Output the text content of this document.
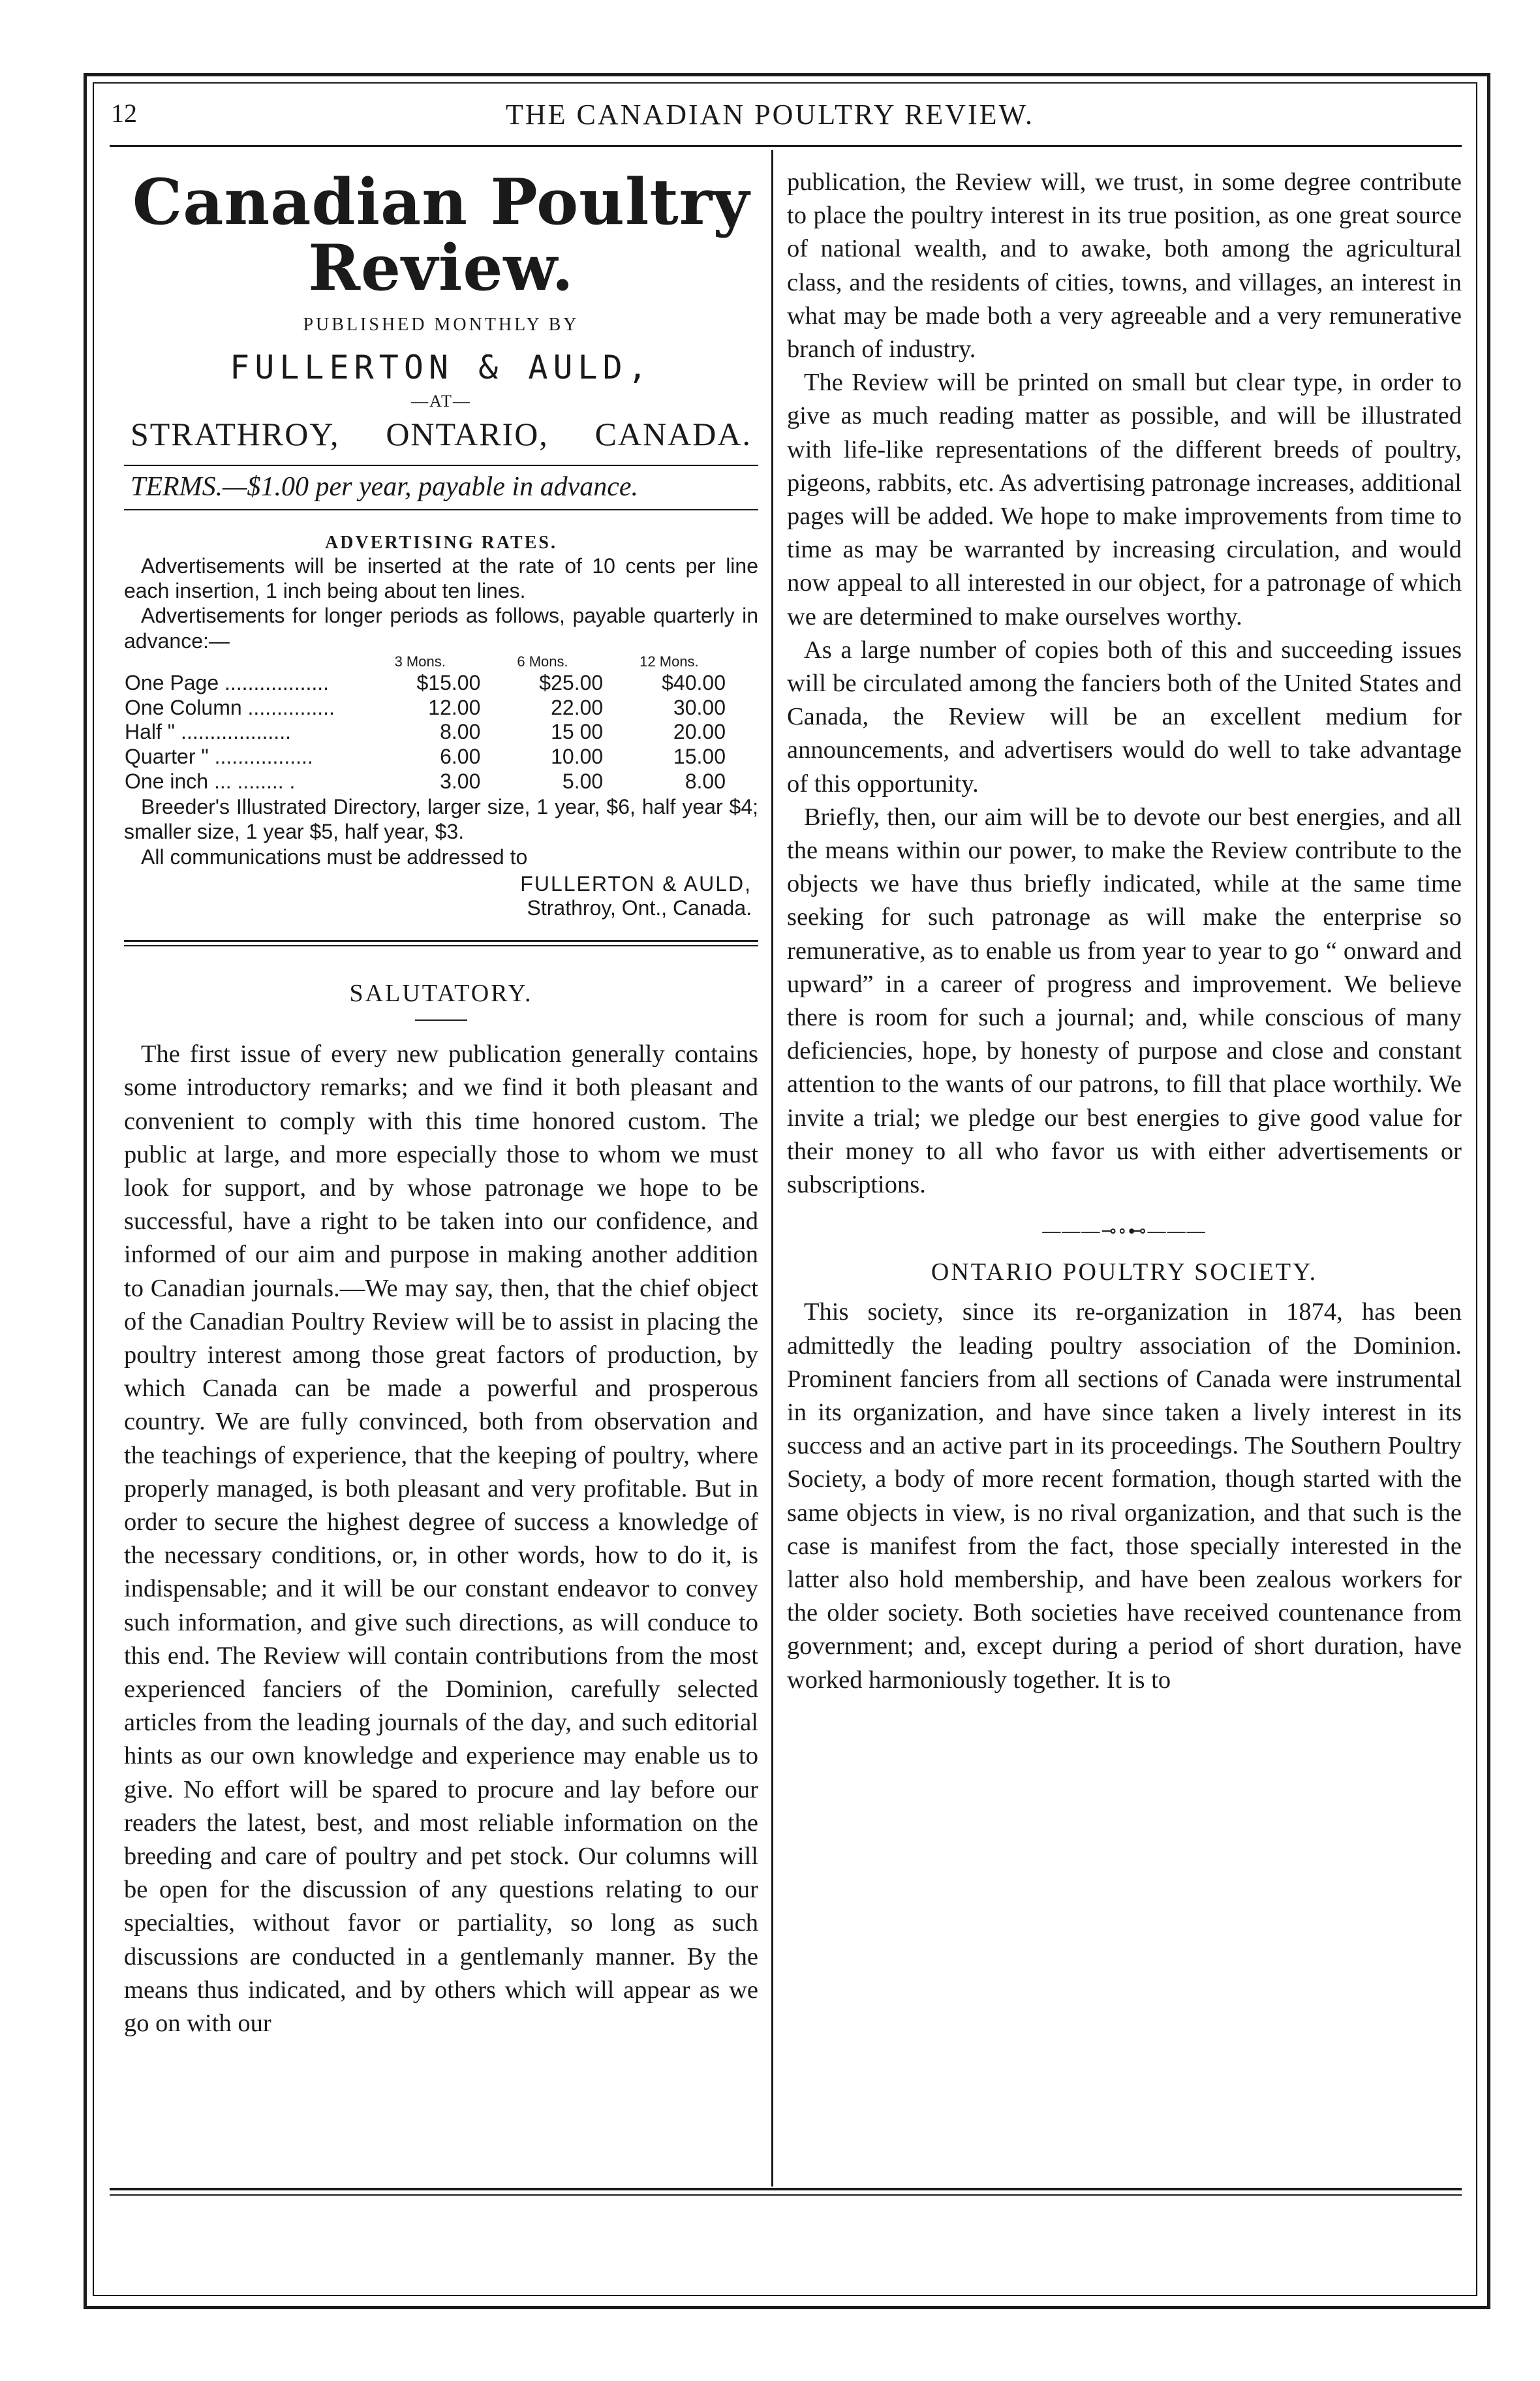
12	THE CANADIAN POULTRY REVIEW.
Canadian Poultry Review.
PUBLISHED MONTHLY BY
FULLERTON & AULD,
—AT—
STRATHROY, ONTARIO, CANADA.
TERMS.—$1.00 per year, payable in advance.
ADVERTISING RATES.
Advertisements will be inserted at the rate of 10 cents per line each insertion, 1 inch being about ten lines.
Advertisements for longer periods as follows, payable quarterly in advance:—
	3 Mons.	6 Mons.	12 Mons.
One Page ..................	$15.00	$25.00	$40.00
One Column ...............	12.00	22.00	30.00
Half " ...................	8.00	15 00	20.00
Quarter " .................	6.00	10.00	15.00
One inch ... ........ .	3.00	5.00	8.00
Breeder's Illustrated Directory, larger size, 1 year, $6, half year $4; smaller size, 1 year $5, half year, $3.
All communications must be addressed to
FULLERTON & AULD,
Strathroy, Ont., Canada.
SALUTATORY.

The first issue of every new publication generally contains some introductory remarks; and we find it both pleasant and convenient to comply with this time honored custom. The public at large, and more especially those to whom we must look for support, and by whose patronage we hope to be successful, have a right to be taken into our confidence, and informed of our aim and purpose in making another addition to Canadian journals.—We may say, then, that the chief object of the Canadian Poultry Review will be to assist in placing the poultry interest among those great factors of production, by which Canada can be made a powerful and prosperous country. We are fully convinced, both from observation and the teachings of experience, that the keeping of poultry, where properly managed, is both pleasant and very profitable. But in order to secure the highest degree of success a knowledge of the necessary conditions, or, in other words, how to do it, is indispensable; and it will be our constant endeavor to convey such information, and give such directions, as will conduce to this end. The Review will contain contributions from the most experienced fanciers of the Dominion, carefully selected articles from the leading journals of the day, and such editorial hints as our own knowledge and experience may enable us to give. No effort will be spared to procure and lay before our readers the latest, best, and most reliable information on the breeding and care of poultry and pet stock. Our columns will be open for the discussion of any questions relating to our specialties, without favor or partiality, so long as such discussions are conducted in a gentlemanly manner. By the means thus indicated, and by others which will appear as we go on with our

publication, the Review will, we trust, in some degree contribute to place the poultry interest in its true position, as one great source of national wealth, and to awake, both among the agricultural class, and the residents of cities, towns, and villages, an interest in what may be made both a very agreeable and a very remunerative branch of industry.

The Review will be printed on small but clear type, in order to give as much reading matter as possible, and will be illustrated with life-like representations of the different breeds of poultry, pigeons, rabbits, etc. As advertising patronage increases, additional pages will be added. We hope to make improvements from time to time as may be warranted by increasing circulation, and would now appeal to all interested in our object, for a patronage of which we are determined to make ourselves worthy.

As a large number of copies both of this and succeeding issues will be circulated among the fanciers both of the United States and Canada, the Review will be an excellent medium for announcements, and advertisers would do well to take advantage of this opportunity.

Briefly, then, our aim will be to devote our best energies, and all the means within our power, to make the Review contribute to the objects we have thus briefly indicated, while at the same time seeking for such patronage as will make the enterprise so remunerative, as to enable us from year to year to go “ onward and upward” in a career of progress and improvement. We believe there is room for such a journal; and, while conscious of many deficiencies, hope, by honesty of purpose and close and constant attention to the wants of our patrons, to fill that place worthily. We invite a trial; we pledge our best energies to give good value for their money to all who favor us with either advertisements or subscriptions.

———⊸∘⊷———
ONTARIO POULTRY SOCIETY.

This society, since its re-organization in 1874, has been admittedly the leading poultry association of the Dominion. Prominent fanciers from all sections of Canada were instrumental in its organization, and have since taken a lively interest in its success and an active part in its proceedings. The Southern Poultry Society, a body of more recent formation, though started with the same objects in view, is no rival organization, and that such is the case is manifest from the fact, those specially interested in the latter also hold membership, and have been zealous workers for the older society. Both societies have received countenance from government; and, except during a period of short duration, have worked harmoniously together. It is to
